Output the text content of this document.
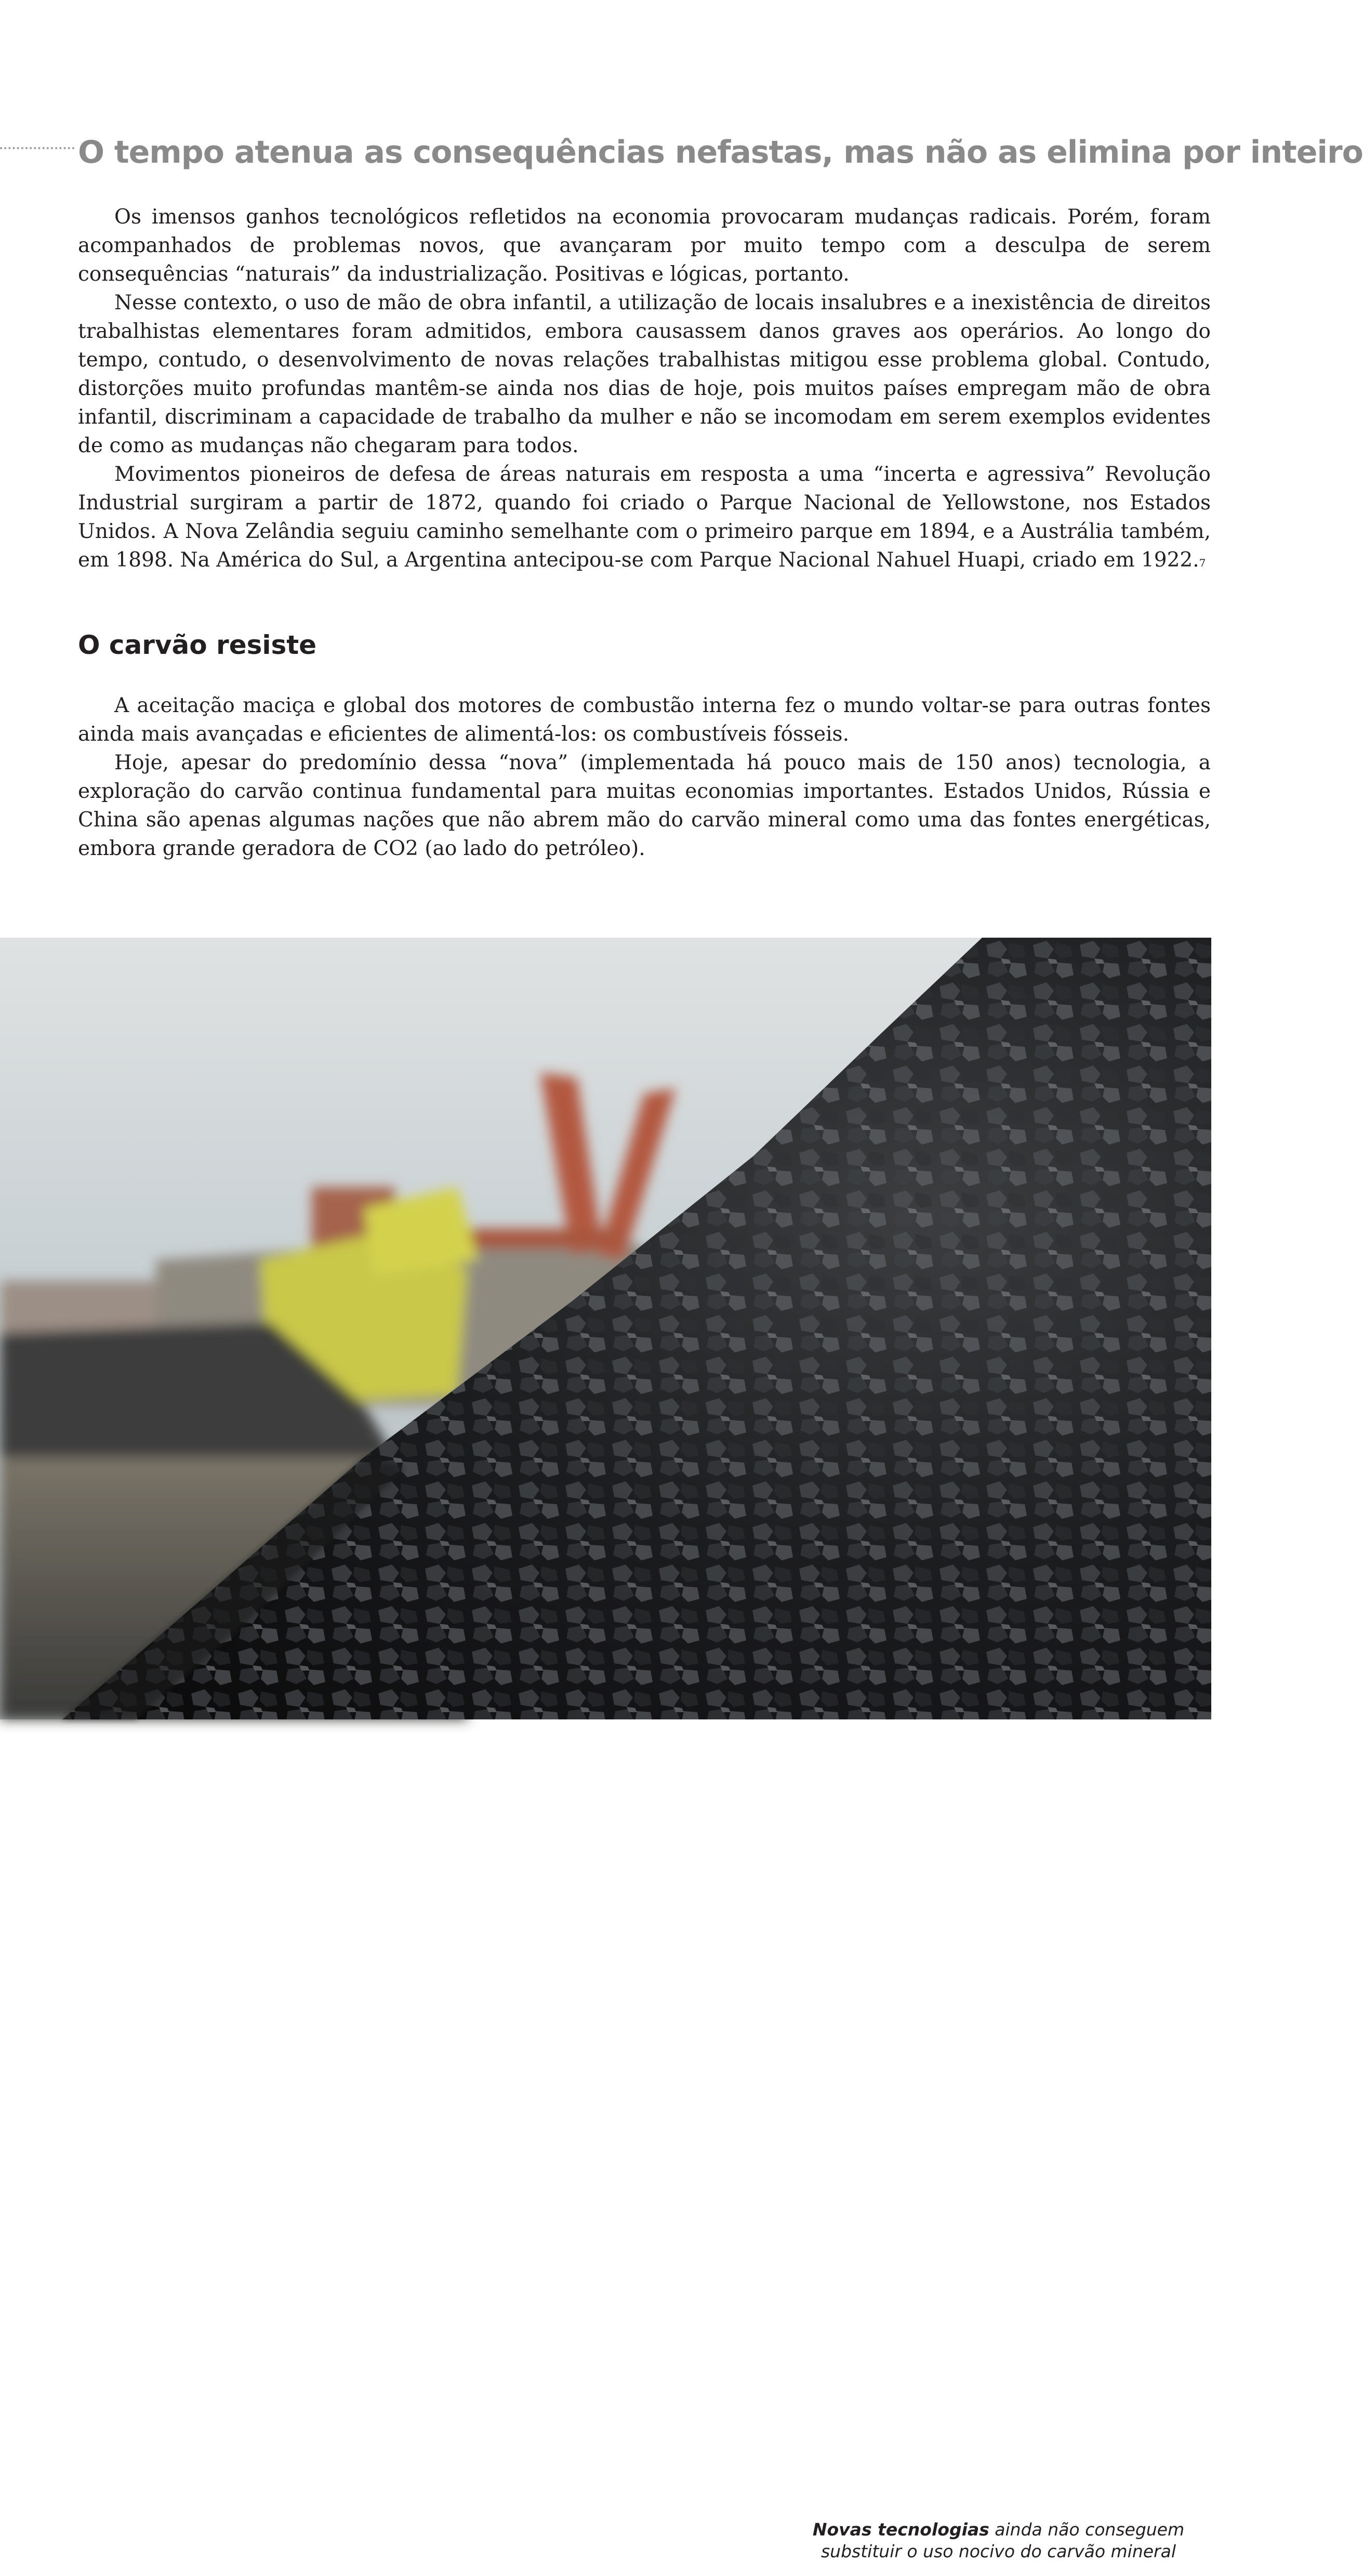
O tempo atenua as consequências nefastas, mas não as elimina por inteiro

Os imensos ganhos tecnológicos refletidos na economia provocaram mudanças radicais. Porém, foram acompanhados de problemas novos, que avançaram por muito tempo com a desculpa de serem consequências “naturais” da industrialização. Positivas e lógicas, portanto.

Nesse contexto, o uso de mão de obra infantil, a utilização de locais insalubres e a inexistência de direitos trabalhistas elementares foram admitidos, embora causassem danos graves aos operários. Ao longo do tempo, contudo, o desenvolvimento de novas relações trabalhistas mitigou esse problema global. Contudo, distorções muito profundas mantêm-se ainda nos dias de hoje, pois muitos países empregam mão de obra infantil, discriminam a capacidade de trabalho da mulher e não se incomodam em serem exemplos evidentes de como as mudanças não chegaram para todos.

Movimentos pioneiros de defesa de áreas naturais em resposta a uma “incerta e agressiva” Revolução Industrial surgiram a partir de 1872, quando foi criado o Parque Nacional de Yellowstone, nos Estados Unidos. A Nova Zelândia seguiu caminho semelhante com o primeiro parque em 1894, e a Austrália também, em 1898. Na América do Sul, a Argentina antecipou-se com Parque Nacional Nahuel Huapi, criado em 1922.7

O carvão resiste

A aceitação maciça e global dos motores de combustão interna fez o mundo voltar-se para outras fontes ainda mais avançadas e eficientes de alimentá-los: os combustíveis fósseis.

Hoje, apesar do predomínio dessa “nova” (implementada há pouco mais de 150 anos) tecnologia, a exploração do carvão continua fundamental para muitas economias importantes. Estados Unidos, Rússia e China são apenas algumas nações que não abrem mão do carvão mineral como uma das fontes energéticas, embora grande geradora de CO2 (ao lado do petróleo).

Novas tecnologias ainda não conseguem substituir o uso nocivo do carvão mineral
